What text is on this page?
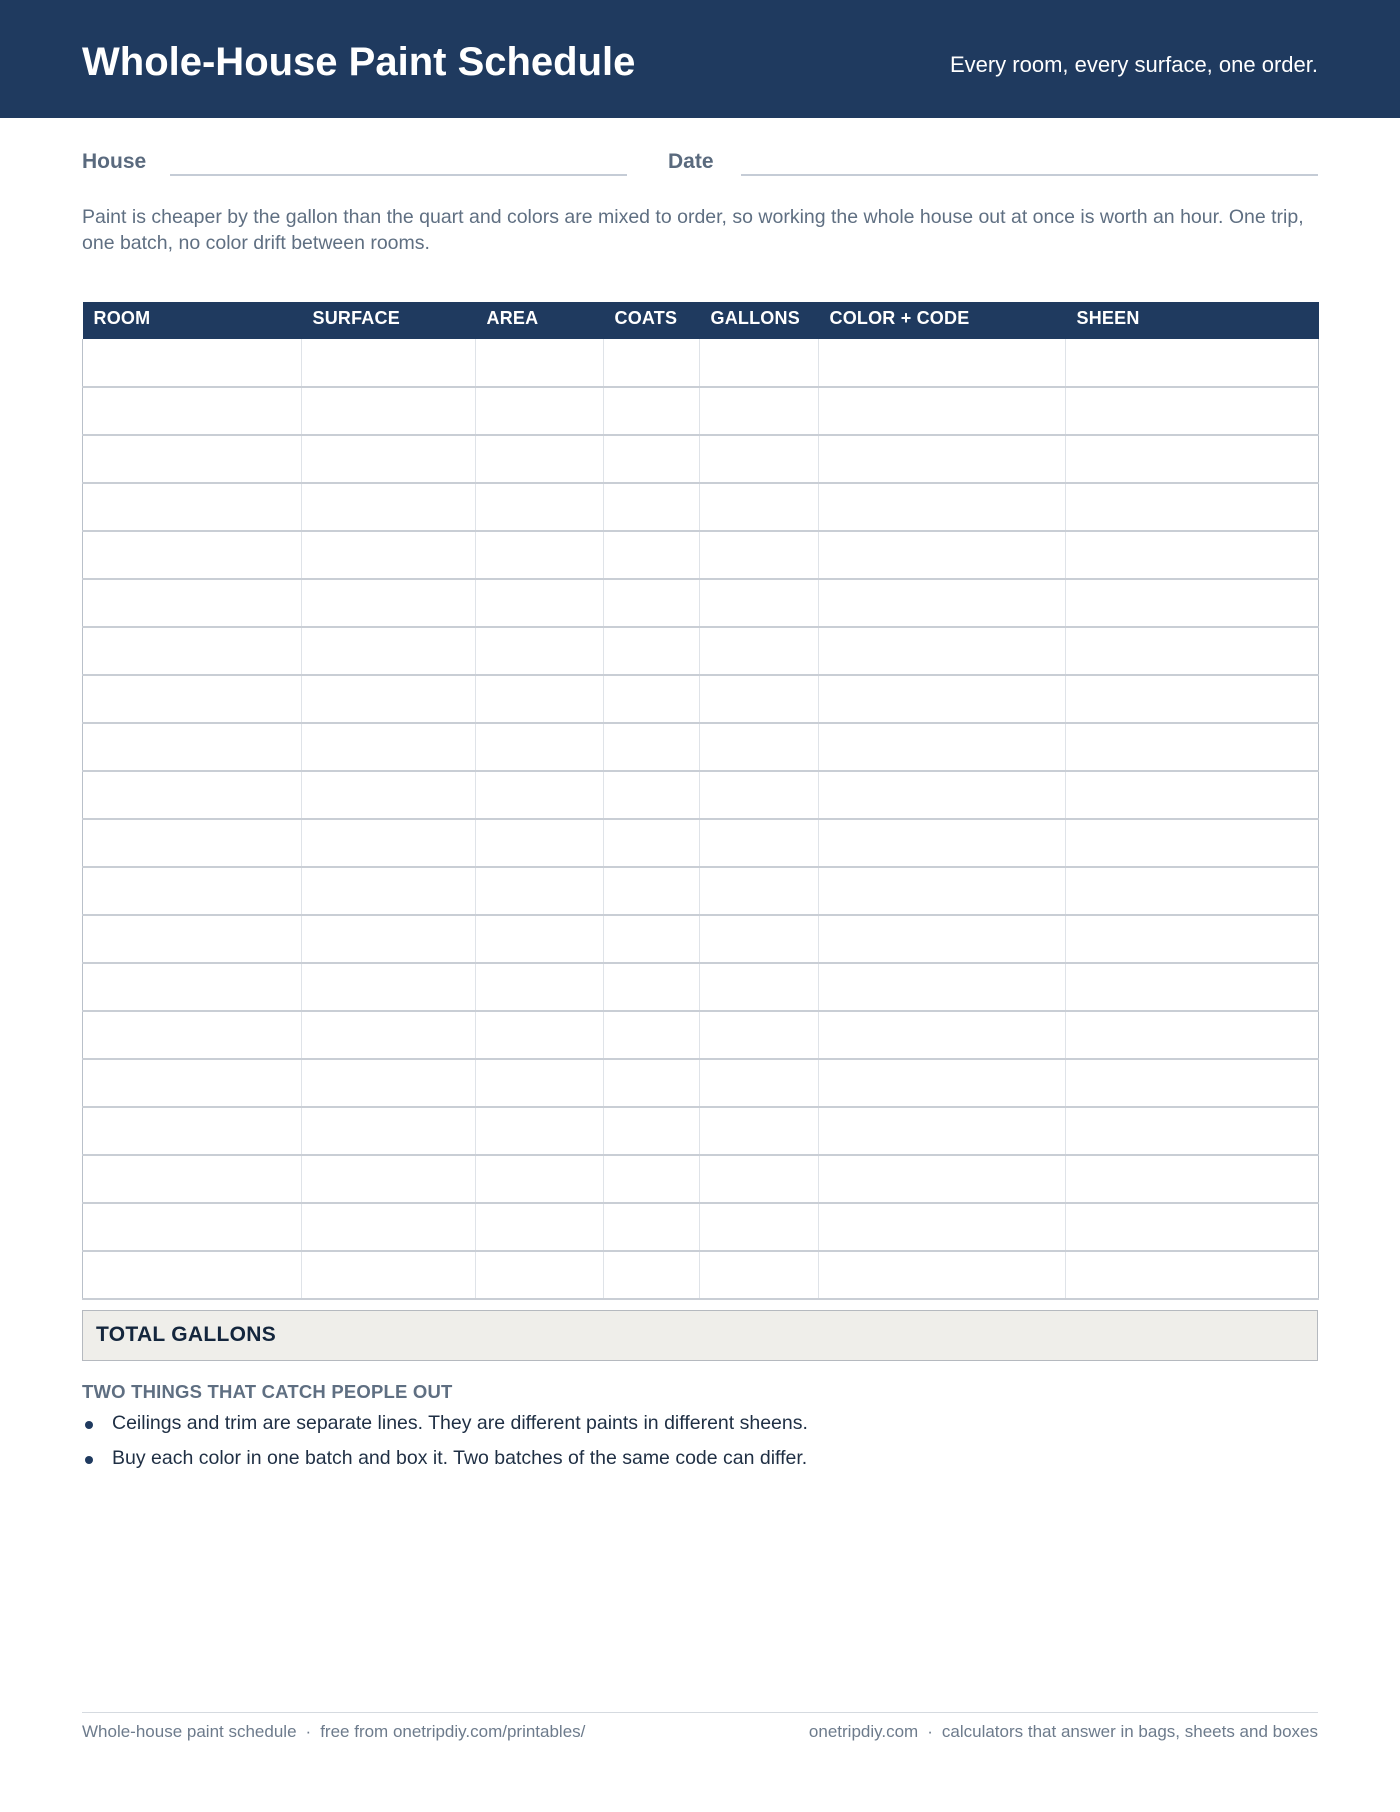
Whole-House Paint Schedule	Every room, every surface, one order.
House	Date

Paint is cheaper by the gallon than the quart and colors are mixed to order, so working the whole house out at once is worth an hour. One trip, one batch, no color drift between rooms.

ROOM	SURFACE	AREA	COATS	GALLONS	COLOR + CODE	SHEEN

TOTAL GALLONS
TWO THINGS THAT CATCH PEOPLE OUT
Ceilings and trim are separate lines. They are different paints in different sheens.
Buy each color in one batch and box it. Two batches of the same code can differ.
Whole-house paint schedule · free from onetripdiy.com/printables/	onetripdiy.com · calculators that answer in bags, sheets and boxes
